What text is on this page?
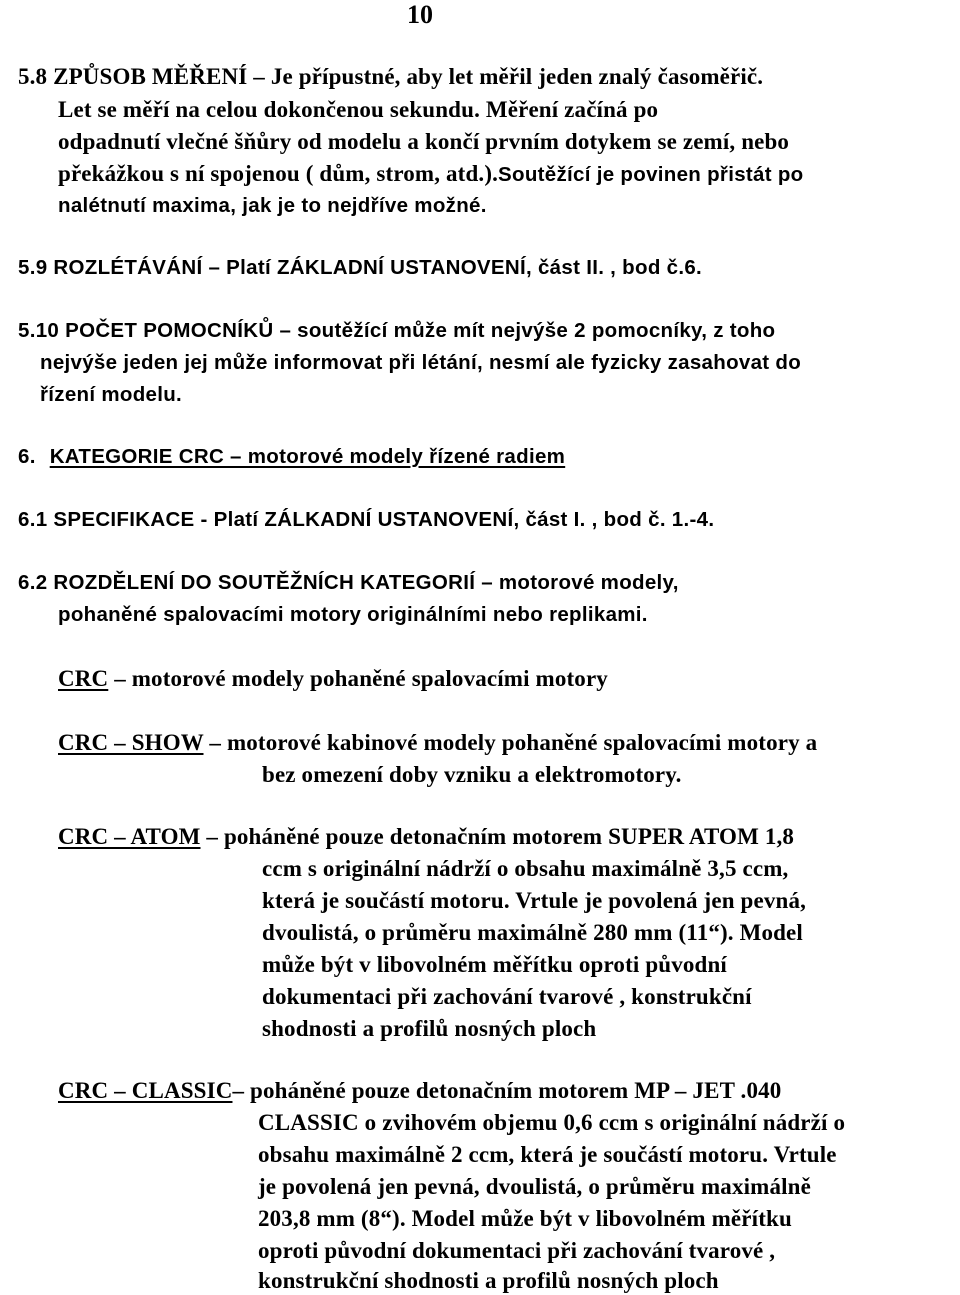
10
5.8 ZPŮSOB MĚŘENÍ – Je přípustné, aby let měřil jeden znalý časoměřič.
Let se měří na celou dokončenou sekundu. Měření začíná po
odpadnutí vlečné šňůry od modelu a končí prvním dotykem se zemí, nebo
překážkou s ní spojenou ( dům, strom, atd.).Soutěžící je povinen přistát po
nalétnutí maxima, jak je to nejdříve možné.
5.9 ROZLÉTÁVÁNÍ – Platí ZÁKLADNÍ USTANOVENÍ, část II. , bod č.6.
5.10 POČET POMOCNÍKŮ – soutěžící může mít nejvýše 2 pomocníky, z toho
nejvýše jeden jej může informovat při létání, nesmí ale fyzicky zasahovat do
řízení modelu.
6. KATEGORIE CRC – motorové modely řízené radiem
6.1 SPECIFIKACE - Platí ZÁLKADNÍ USTANOVENÍ, část I. , bod č. 1.-4.
6.2 ROZDĚLENÍ DO SOUTĚŽNÍCH KATEGORIÍ – motorové modely,
pohaněné spalovacími motory originálními nebo replikami.
CRC – motorové modely pohaněné spalovacími motory
CRC – SHOW – motorové kabinové modely pohaněné spalovacími motory a
bez omezení doby vzniku a elektromotory.
CRC – ATOM – poháněné pouze detonačním motorem SUPER ATOM 1,8
ccm s originální nádrží o obsahu maximálně 3,5 ccm,
která je součástí motoru. Vrtule je povolená jen pevná,
dvoulistá, o průměru maximálně 280 mm (11“). Model
může být v libovolném měřítku oproti původní
dokumentaci při zachování tvarové , konstrukční
shodnosti a profilů nosných ploch
CRC – CLASSIC– poháněné pouze detonačním motorem MP – JET .040
CLASSIC o zvihovém objemu 0,6 ccm s originální nádrží o
obsahu maximálně 2 ccm, která je součástí motoru. Vrtule
je povolená jen pevná, dvoulistá, o průměru maximálně
203,8 mm (8“). Model může být v libovolném měřítku
oproti původní dokumentaci při zachování tvarové ,
konstrukční shodnosti a profilů nosných ploch
